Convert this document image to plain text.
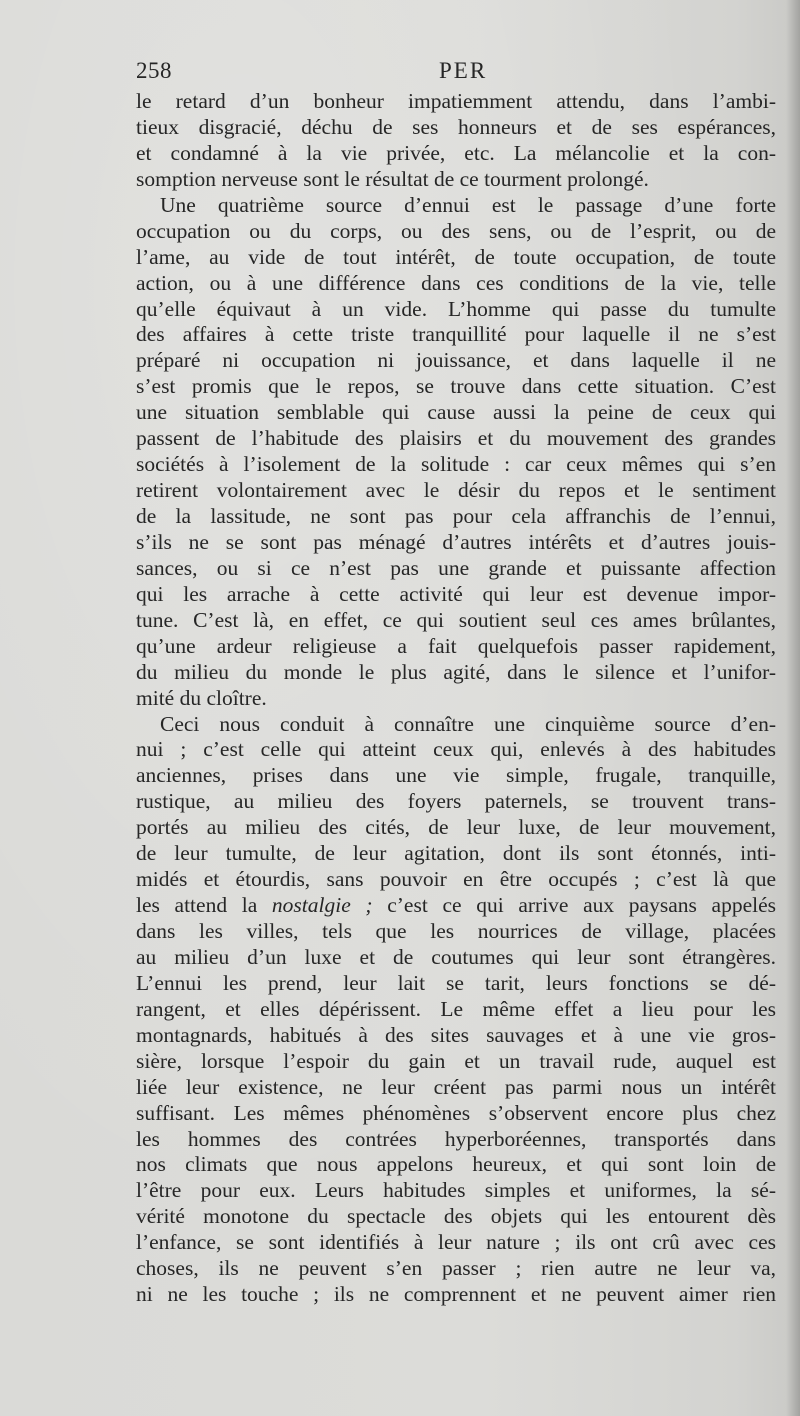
258	PER
le retard d’un bonheur impatiemment attendu, dans l’ambi-
tieux disgracié, déchu de ses honneurs et de ses espérances,
et condamné à la vie privée, etc. La mélancolie et la con-
somption nerveuse sont le résultat de ce tourment prolongé.
Une quatrième source d’ennui est le passage d’une forte
occupation ou du corps, ou des sens, ou de l’esprit, ou de
l’ame, au vide de tout intérêt, de toute occupation, de toute
action, ou à une différence dans ces conditions de la vie, telle
qu’elle équivaut à un vide. L’homme qui passe du tumulte
des affaires à cette triste tranquillité pour laquelle il ne s’est
préparé ni occupation ni jouissance, et dans laquelle il ne
s’est promis que le repos, se trouve dans cette situation. C’est
une situation semblable qui cause aussi la peine de ceux qui
passent de l’habitude des plaisirs et du mouvement des grandes
sociétés à l’isolement de la solitude : car ceux mêmes qui s’en
retirent volontairement avec le désir du repos et le sentiment
de la lassitude, ne sont pas pour cela affranchis de l’ennui,
s’ils ne se sont pas ménagé d’autres intérêts et d’autres jouis-
sances, ou si ce n’est pas une grande et puissante affection
qui les arrache à cette activité qui leur est devenue impor-
tune. C’est là, en effet, ce qui soutient seul ces ames brûlantes,
qu’une ardeur religieuse a fait quelquefois passer rapidement,
du milieu du monde le plus agité, dans le silence et l’unifor-
mité du cloître.
Ceci nous conduit à connaître une cinquième source d’en-
nui ; c’est celle qui atteint ceux qui, enlevés à des habitudes
anciennes, prises dans une vie simple, frugale, tranquille,
rustique, au milieu des foyers paternels, se trouvent trans-
portés au milieu des cités, de leur luxe, de leur mouvement,
de leur tumulte, de leur agitation, dont ils sont étonnés, inti-
midés et étourdis, sans pouvoir en être occupés ; c’est là que
les attend la nostalgie ; c’est ce qui arrive aux paysans appelés
dans les villes, tels que les nourrices de village, placées
au milieu d’un luxe et de coutumes qui leur sont étrangères.
L’ennui les prend, leur lait se tarit, leurs fonctions se dé-
rangent, et elles dépérissent. Le même effet a lieu pour les
montagnards, habitués à des sites sauvages et à une vie gros-
sière, lorsque l’espoir du gain et un travail rude, auquel est
liée leur existence, ne leur créent pas parmi nous un intérêt
suffisant. Les mêmes phénomènes s’observent encore plus chez
les hommes des contrées hyperboréennes, transportés dans
nos climats que nous appelons heureux, et qui sont loin de
l’être pour eux. Leurs habitudes simples et uniformes, la sé-
vérité monotone du spectacle des objets qui les entourent dès
l’enfance, se sont identifiés à leur nature ; ils ont crû avec ces
choses, ils ne peuvent s’en passer ; rien autre ne leur va,
ni ne les touche ; ils ne comprennent et ne peuvent aimer rien
